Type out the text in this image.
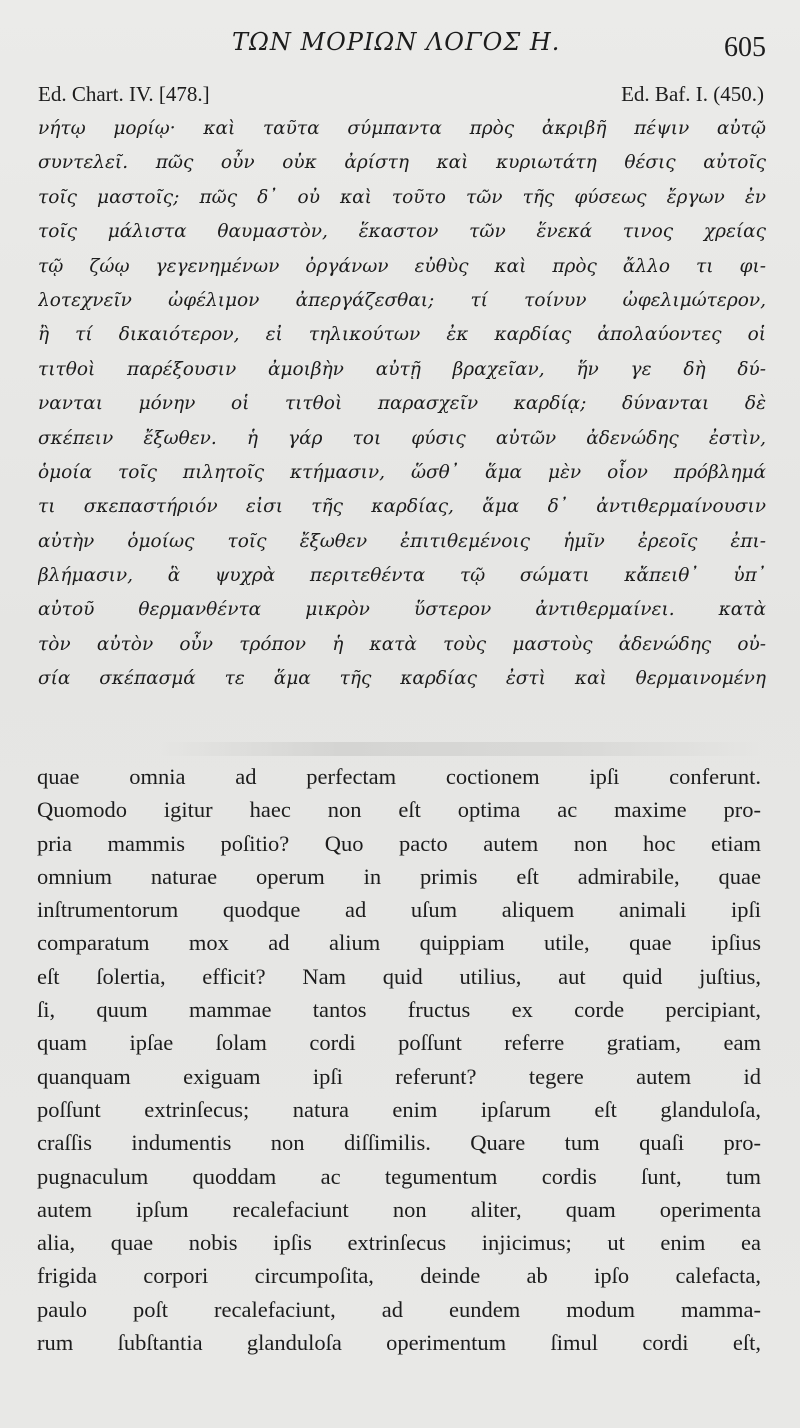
ΤΩΝ ΜΟΡΙΩΝ ΛΟΓΟΣ Η.	605
Ed. Chart. IV. [478.]	Ed. Baf. I. (450.)
νήτῳ μορίῳ· καὶ ταῦτα σύμπαντα πρὸς ἀκριβῆ πέψιν αὐτῷ
συντελεῖ. πῶς οὖν οὐκ ἀρίστη καὶ κυριωτάτη θέσις αὐτοῖς
τοῖς μαστοῖς; πῶς δ᾽ οὐ καὶ τοῦτο τῶν τῆς φύσεως ἔργων ἐν
τοῖς μάλιστα θαυμαστὸν, ἕκαστον τῶν ἕνεκά τινος χρείας
τῷ ζώῳ γεγενημένων ὀργάνων εὐθὺς καὶ πρὸς ἄλλο τι φι-
λοτεχνεῖν ὠφέλιμον ἀπεργάζεσθαι; τί τοίνυν ὠφελιμώτερον,
ἢ τί δικαιότερον, εἰ τηλικούτων ἐκ καρδίας ἀπολαύοντες οἱ
τιτθοὶ παρέξουσιν ἀμοιβὴν αὐτῇ βραχεῖαν, ἥν γε δὴ δύ-
νανται μόνην οἱ τιτθοὶ παρασχεῖν καρδίᾳ; δύνανται δὲ
σκέπειν ἔξωθεν. ἡ γάρ τοι φύσις αὐτῶν ἀδενώδης ἐστὶν,
ὁμοία τοῖς πιλητοῖς κτήμασιν, ὥσθ᾽ ἅμα μὲν οἷον πρόβλημά
τι σκεπαστήριόν εἰσι τῆς καρδίας, ἅμα δ᾽ ἀντιθερμαίνουσιν
αὐτὴν ὁμοίως τοῖς ἔξωθεν ἐπιτιθεμένοις ἡμῖν ἐρεοῖς ἐπι-
βλήμασιν, ἃ ψυχρὰ περιτεθέντα τῷ σώματι κἄπειθ᾽ ὑπ᾽
αὐτοῦ θερμανθέντα μικρὸν ὕστερον ἀντιθερμαίνει. κατὰ
τὸν αὐτὸν οὖν τρόπον ἡ κατὰ τοὺς μαστοὺς ἀδενώδης οὐ-
σία σκέπασμά τε ἅμα τῆς καρδίας ἐστὶ καὶ θερμαινομένη
quae omnia ad perfectam coctionem ipſi conferunt.
Quomodo igitur haec non eſt optima ac maxime pro-
pria mammis poſitio? Quo pacto autem non hoc etiam
omnium naturae operum in primis eſt admirabile, quae
inſtrumentorum quodque ad uſum aliquem animali ipſi
comparatum mox ad alium quippiam utile, quae ipſius
eſt ſolertia, efficit? Nam quid utilius, aut quid juſtius,
ſi, quum mammae tantos fructus ex corde percipiant,
quam ipſae ſolam cordi poſſunt referre gratiam, eam
quanquam exiguam ipſi referunt? tegere autem id
poſſunt extrinſecus; natura enim ipſarum eſt glanduloſa,
craſſis indumentis non diſſimilis. Quare tum quaſi pro-
pugnaculum quoddam ac tegumentum cordis ſunt, tum
autem ipſum recalefaciunt non aliter, quam operimenta
alia, quae nobis ipſis extrinſecus injicimus; ut enim ea
frigida corpori circumpoſita, deinde ab ipſo calefacta,
paulo poſt recalefaciunt, ad eundem modum mamma-
rum ſubſtantia glanduloſa operimentum ſimul cordi eſt,
